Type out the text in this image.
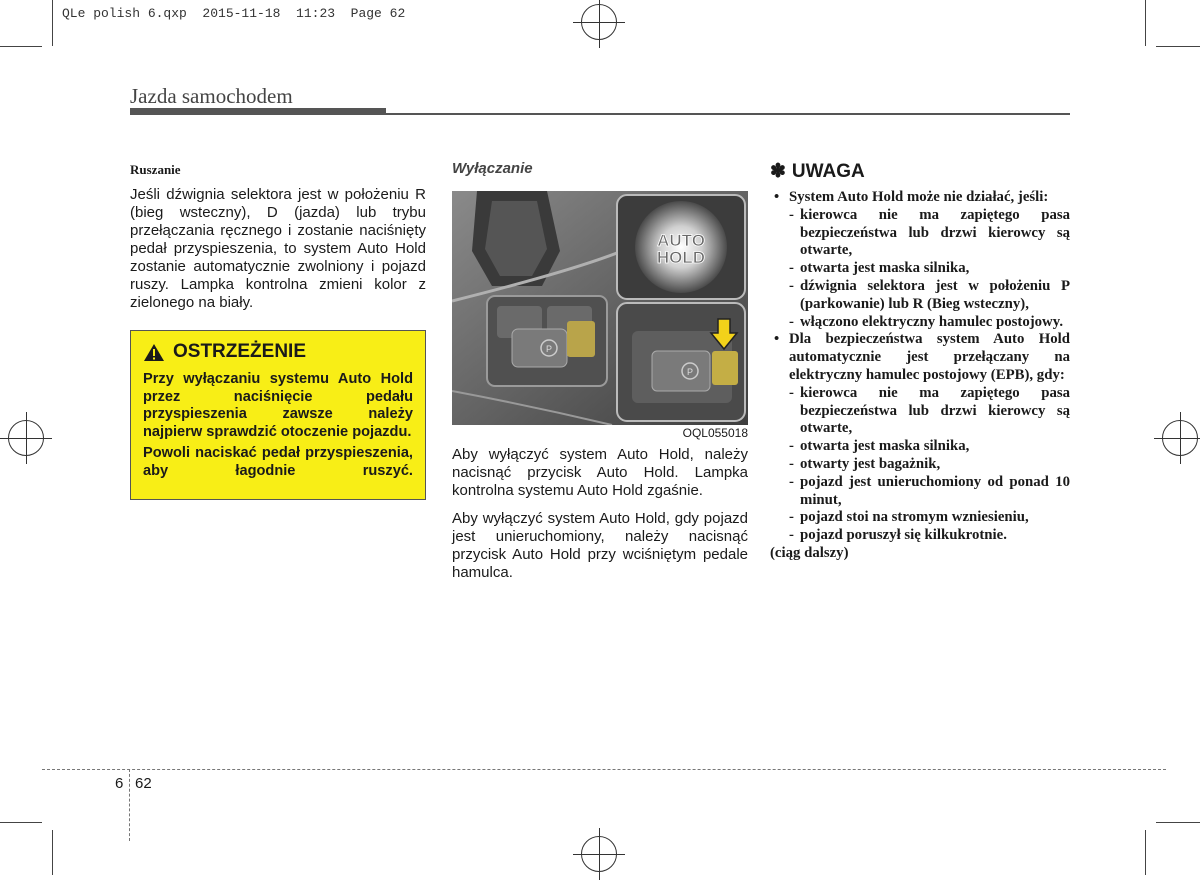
QLe polish 6.qxp  2015-11-18  11:23  Page 62
Jazda samochodem
Ruszanie

Jeśli dźwignia selektora jest w położeniu R (bieg wsteczny), D (jazda) lub trybu przełączania ręcznego i zostanie naciśnięty pedał przyspieszenia, to system Auto Hold zostanie automatycznie zwolniony i pojazd ruszy. Lampka kontrolna zmieni kolor z zielonego na biały.

OSTRZEŻENIE

Przy wyłączaniu systemu Auto Hold przez naciśnięcie pedału przyspieszenia zawsze należy najpierw sprawdzić otoczenie pojazdu.

Powoli naciskać pedał przyspieszenia, aby łagodnie ruszyć.

Wyłączanie
P
AUTO
HOLD
P
OQL055018

Aby wyłączyć system Auto Hold, należy nacisnąć przycisk Auto Hold. Lampka kontrolna systemu Auto Hold zgaśnie.

Aby wyłączyć system Auto Hold, gdy pojazd jest unieruchomiony, należy nacisnąć przycisk Auto Hold przy wciśniętym pedale hamulca.

✽ UWAGA
• System Auto Hold może nie działać, jeśli:
- kierowca nie ma zapiętego pasa bezpieczeństwa lub drzwi kierowcy są otwarte,
- otwarta jest maska silnika,
- dźwignia selektora jest w położeniu P (parkowanie) lub R (Bieg wsteczny),
- włączono elektryczny hamulec postojowy.
• Dla bezpieczeństwa system Auto Hold automatycznie jest przełączany na elektryczny hamulec postojowy (EPB), gdy:
- kierowca nie ma zapiętego pasa bezpieczeństwa lub drzwi kierowcy są otwarte,
- otwarta jest maska silnika,
- otwarty jest bagażnik,
- pojazd jest unieruchomiony od ponad 10 minut,
- pojazd stoi na stromym wzniesieniu,
- pojazd poruszył się kilkukrotnie.
(ciąg dalszy)
6 62
